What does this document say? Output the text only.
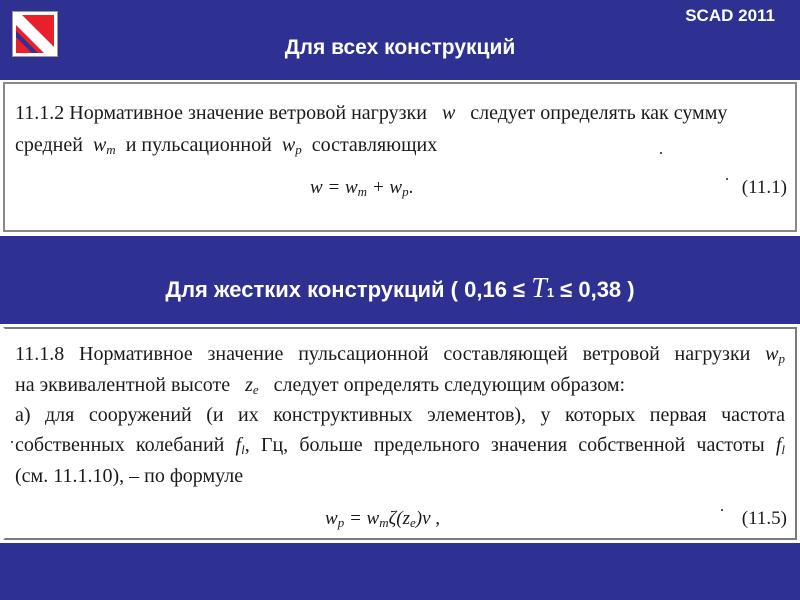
SCAD 2011
Для всех конструкций
11.1.2 Нормативное значение ветровой нагрузки w следует определять как сумму
средней $w_m$ и пульсационной $w_p$ составляющих
$w = w_m + w_p$.	(11.1)
Для жестких конструкций ( 0,16 ≤ T1 ≤ 0,38 )
11.1.8 Нормативное значение пульсационной составляющей ветровой нагрузки $w_p$
на эквивалентной высоте $z_e$ следует определять следующим образом:
а) для сооружений (и их конструктивных элементов), у которых первая частота
собственных колебаний $f_l$, Гц, больше предельного значения собственной частоты $f_l$
(см. 11.1.10), – по формуле
$w_p = w_m\zeta(z_e)\nu$ ,	(11.5)
